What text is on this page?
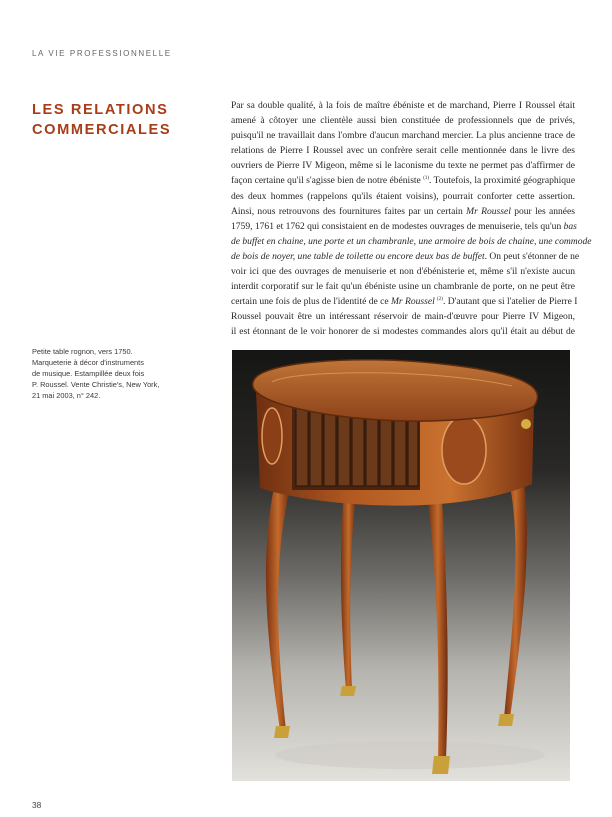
LA VIE PROFESSIONNELLE
LES RELATIONS
COMMERCIALES
Par sa double qualité, à la fois de maître ébéniste et de marchand, Pierre I Roussel était
amené à côtoyer une clientèle aussi bien constituée de professionnels que de privés,
puisqu'il ne travaillait dans l'ombre d'aucun marchand mercier. La plus ancienne trace de
relations de Pierre I Roussel avec un confrère serait celle mentionnée dans le livre des
ouvriers de Pierre IV Migeon, même si le laconisme du texte ne permet pas d'affirmer de
façon certaine qu'il s'agisse bien de notre ébéniste $^{(1)}$. Toutefois, la proximité géographique
des deux hommes (rappelons qu'ils étaient voisins), pourrait conforter cette assertion.
Ainsi, nous retrouvons des fournitures faites par un certain Mr Roussel pour les années
1759, 1761 et 1762 qui consistaient en de modestes ouvrages de menuiserie, tels qu'un bas
de buffet en chaine, une porte et un chambranle, une armoire de bois de chaine, une commode
de bois de noyer, une table de toilette ou encore deux bas de buffet. On peut s'étonner de ne
voir ici que des ouvrages de menuiserie et non d'ébénisterie et, même s'il n'existe aucun
interdit corporatif sur le fait qu'un ébéniste usine un chambranle de porte, on ne peut être
certain une fois de plus de l'identité de ce Mr Roussel $^{(2)}$. D'autant que si l'atelier de Pierre I
Roussel pouvait être un intéressant réservoir de main-d'œuvre pour Pierre IV Migeon,
il est étonnant de le voir honorer de si modestes commandes alors qu'il était au début de
Petite table rognon, vers 1750.
Marqueterie à décor d'instruments
de musique. Estampillée deux fois
P. Roussel. Vente Christie's, New York,
21 mai 2003, n° 242.
38
